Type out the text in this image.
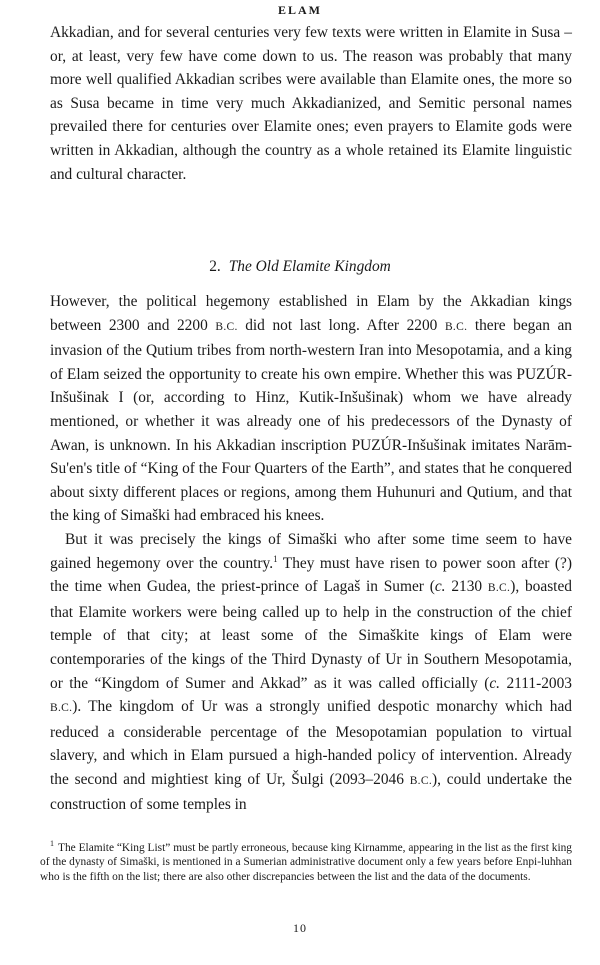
ELAM

Akkadian, and for several centuries very few texts were written in Elamite in Susa – or, at least, very few have come down to us. The reason was probably that many more well qualified Akkadian scribes were available than Elamite ones, the more so as Susa became in time very much Akkadianized, and Semitic personal names prevailed there for centuries over Elamite ones; even prayers to Elamite gods were written in Akkadian, although the country as a whole retained its Elamite linguistic and cultural character.

2. The Old Elamite Kingdom

However, the political hegemony established in Elam by the Akkadian kings between 2300 and 2200 B.C. did not last long. After 2200 B.C. there began an invasion of the Qutium tribes from north-western Iran into Mesopotamia, and a king of Elam seized the opportunity to create his own empire. Whether this was PUZÚR-Inšušinak I (or, according to Hinz, Kutik-Inšušinak) whom we have already mentioned, or whether it was already one of his predecessors of the Dynasty of Awan, is unknown. In his Akkadian inscription PUZÚR-Inšušinak imitates Narām-Su'en's title of “King of the Four Quarters of the Earth”, and states that he conquered about sixty different places or regions, among them Huhunuri and Qutium, and that the king of Simaški had embraced his knees.

But it was precisely the kings of Simaški who after some time seem to have gained hegemony over the country.$^1$ They must have risen to power soon after (?) the time when Gudea, the priest-prince of Lagaš in Sumer (c. 2130 B.C.), boasted that Elamite workers were being called up to help in the construction of the chief temple of that city; at least some of the Simaškite kings of Elam were contemporaries of the kings of the Third Dynasty of Ur in Southern Mesopotamia, or the “Kingdom of Sumer and Akkad” as it was called officially (c. 2111-2003 B.C.). The kingdom of Ur was a strongly unified despotic monarchy which had reduced a considerable percentage of the Mesopotamian population to virtual slavery, and which in Elam pursued a high-handed policy of intervention. Already the second and mightiest king of Ur, Šulgi (2093–2046 B.C.), could undertake the construction of some temples in

$^1$ The Elamite “King List” must be partly erroneous, because king Kirnamme, appearing in the list as the first king of the dynasty of Simaški, is mentioned in a Sumerian administrative document only a few years before Enpi-luhhan who is the fifth on the list; there are also other discrepancies between the list and the data of the documents.

10
